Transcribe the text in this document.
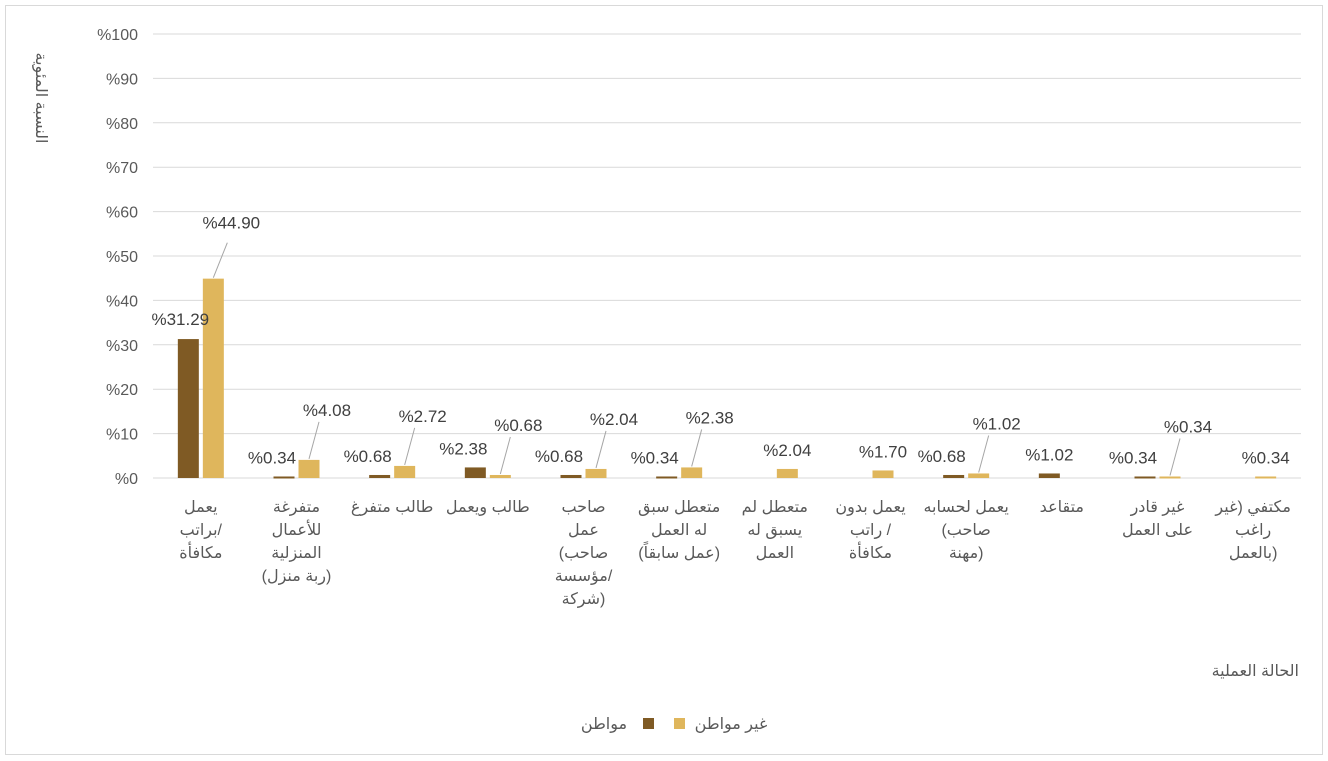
%0
%10
%20
%30
%40
%50
%60
%70
%80
%90
%100
%31.29
%44.90
%0.34
%4.08
%0.68
%2.72
%2.38
%0.68
%0.68
%2.04
%0.34
%2.38
%2.04	%1.70 %0.68
%1.02
%1.02 %0.34
%0.34
%0.34
يعمل
براتب/
مكافأة
متفرغة
للأعمال
المنزلية
(ربة منزل)
طالب متفرغ طالب ويعمل صاحب
عمل
(صاحب
مؤسسة/
شركة)
متعطل سبق
له العمل
(عمل سابقاً)
متعطل لم
يسبق له
العمل
يعمل بدون
راتب /
مكافأة
يعمل لحسابه
(صاحب
مهنة)
متقاعد	غير قادر
على العمل
مكتفي (غير
راغب
بالعمل)
النسبة المئوية
الحالة العملية
مواطن	غير مواطن
